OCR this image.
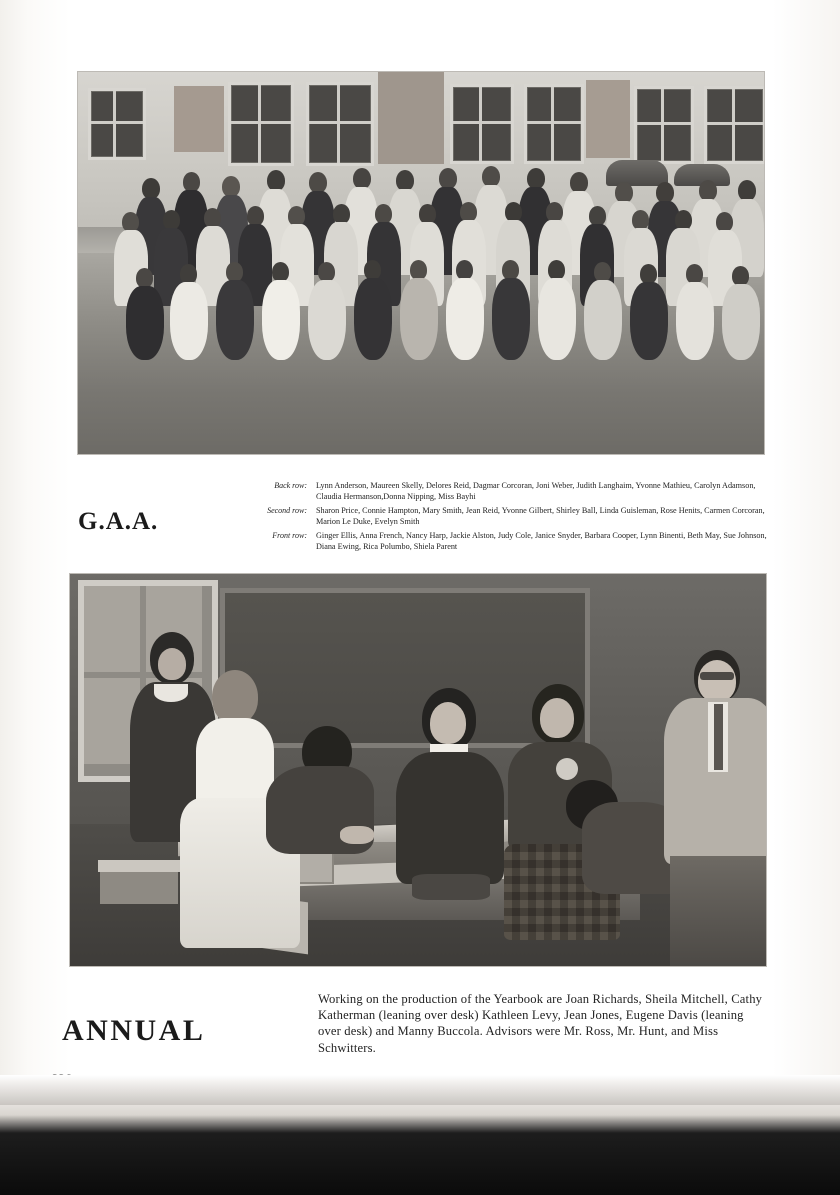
G.A.A.
Back row:	Lynn Anderson, Maureen Skelly, Delores Reid, Dagmar Corcoran, Joni Weber, Judith Langhaim, Yvonne Mathieu, Carolyn Adamson, Claudia Hermanson,Donna Nipping, Miss Bayhi
Second row:	Sharon Price, Connie Hampton, Mary Smith, Jean Reid, Yvonne Gilbert, Shirley Ball, Linda Guisleman, Rose Henits, Carmen Corcoran, Marion Le Duke, Evelyn Smith
Front row:	Ginger Ellis, Anna French, Nancy Harp, Jackie Alston, Judy Cole, Janice Snyder, Barbara Cooper, Lynn Binenti, Beth May, Sue Johnson, Diana Ewing, Rica Polumbo, Shiela Parent
ANNUAL
Working on the production of the Yearbook are Joan Richards, Sheila Mitchell, Cathy Katherman (leaning over desk) Kathleen Levy, Jean Jones, Eugene Davis (leaning over desk) and Manny Buccola. Advisors were Mr. Ross, Mr. Hunt, and Miss Schwitters.
